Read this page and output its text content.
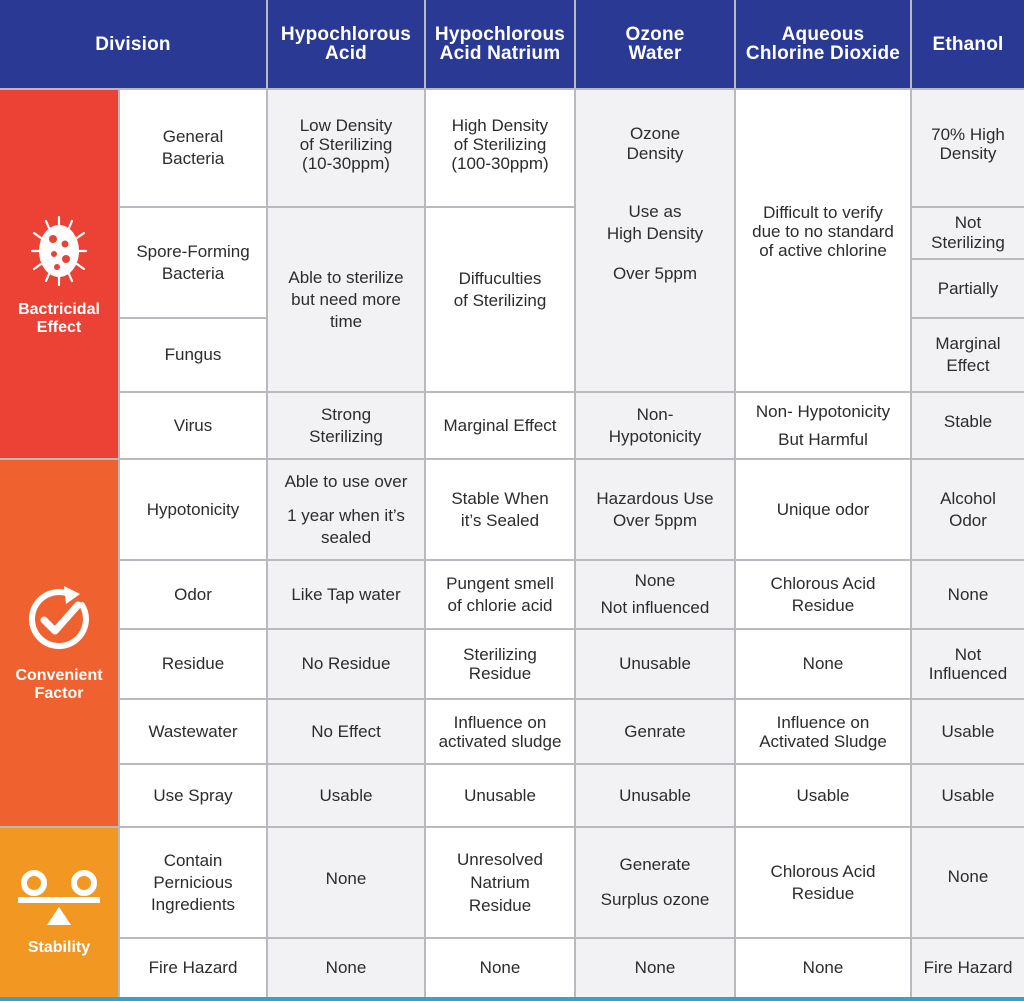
Division	Hypochlorous
Acid
Hypochlorous
Acid Natrium
Ozone
Water
Aqueous
Chlorine Dioxide	Ethanol
Bactricidal
Effect
Convenient
Factor
Stability
General
Bacteria
Spore-Forming
Bacteria
Fungus
Virus
Hypotonicity
Odor
Residue
Wastewater
Use Spray
Contain
Pernicious
Ingredients
Fire Hazard
Low Density
of Sterilizing
(10-30ppm)
Able to sterilize
but need more
time
Strong
Sterilizing

Able to use over

1 year when it’s
sealed

Like Tap water
No Residue
No Effect
Usable
None
None
High Density
of Sterilizing
(100-30ppm)
Diffuculties
of Sterilizing
Marginal Effect
Stable When
it’s Sealed
Pungent smell
of chlorie acid
Sterilizing
Residue
Influence on
activated sludge
Unusable
Unresolved
Natrium
Residue
None
Ozone
Density
Use as
High Density
Over 5ppm
Non-
Hypotonicity
Hazardous Use
Over 5ppm
None
Not influenced
Unusable
Genrate
Unusable
Generate
Surplus ozone
None
Difficult to verify
due to no standard
of active chlorine
Non- Hypotonicity
But Harmful
Unique odor
Chlorous Acid
Residue
None
Influence on
Activated Sludge
Usable
Chlorous Acid
Residue
None
70% High
Density
Not
Sterilizing
Partially
Marginal
Effect
Stable
Alcohol
Odor
None
Not
Influenced
Usable
Usable
None
Fire Hazard
